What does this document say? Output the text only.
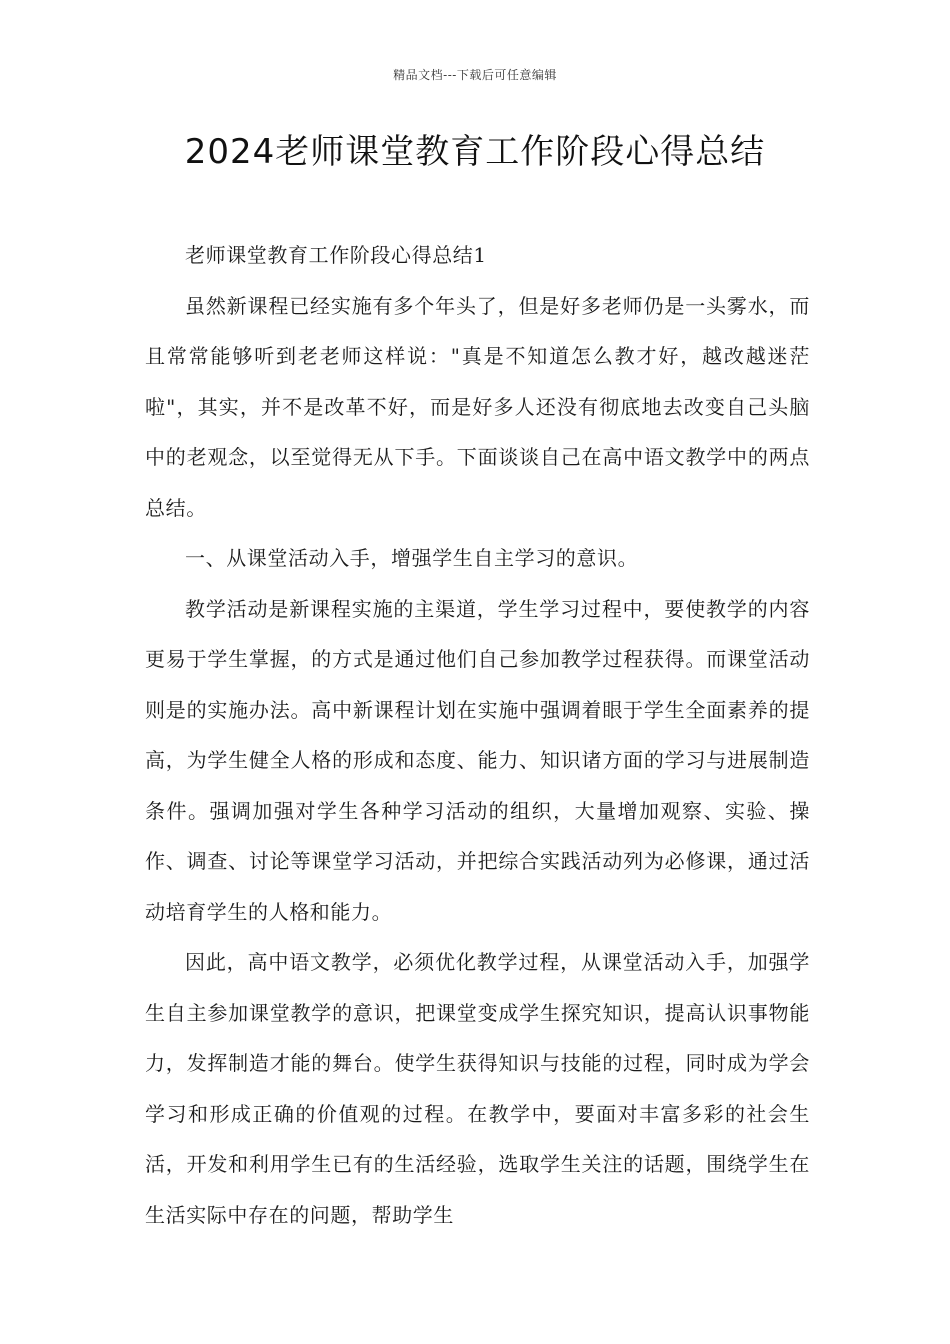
精品文档---下载后可任意编辑
2024老师课堂教育工作阶段心得总结

老师课堂教育工作阶段心得总结1

虽然新课程已经实施有多个年头了，但是好多老师仍是一头雾水，而且常常能够听到老老师这样说："真是不知道怎么教才好，越改越迷茫啦"，其实，并不是改革不好，而是好多人还没有彻底地去改变自己头脑中的老观念，以至觉得无从下手。下面谈谈自己在高中语文教学中的两点总结。

一、从课堂活动入手，增强学生自主学习的意识。

教学活动是新课程实施的主渠道，学生学习过程中，要使教学的内容更易于学生掌握，的方式是通过他们自己参加教学过程获得。而课堂活动则是的实施办法。高中新课程计划在实施中强调着眼于学生全面素养的提高，为学生健全人格的形成和态度、能力、知识诸方面的学习与进展制造条件。强调加强对学生各种学习活动的组织，大量增加观察、实验、操作、调查、讨论等课堂学习活动，并把综合实践活动列为必修课，通过活动培育学生的人格和能力。

因此，高中语文教学，必须优化教学过程，从课堂活动入手，加强学生自主参加课堂教学的意识，把课堂变成学生探究知识，提高认识事物能力，发挥制造才能的舞台。使学生获得知识与技能的过程，同时成为学会学习和形成正确的价值观的过程。在教学中，要面对丰富多彩的社会生活，开发和利用学生已有的生活经验，选取学生关注的话题，围绕学生在生活实际中存在的问题，帮助学生
